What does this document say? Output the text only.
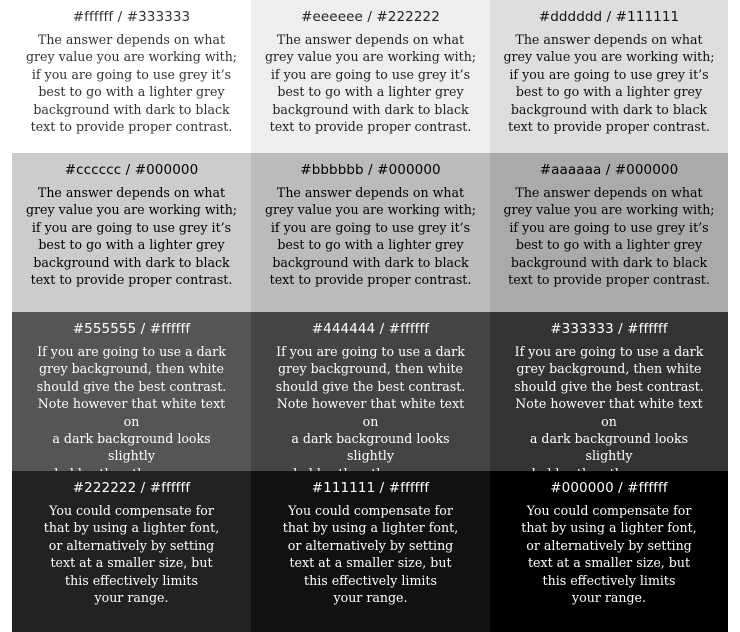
#ffffff / #333333
The answer depends on what
grey value you are working with;
if you are going to use grey it’s
best to go with a lighter grey
background with dark to black
text to provide proper contrast.
#eeeeee / #222222
The answer depends on what
grey value you are working with;
if you are going to use grey it’s
best to go with a lighter grey
background with dark to black
text to provide proper contrast.
#dddddd / #111111
The answer depends on what
grey value you are working with;
if you are going to use grey it’s
best to go with a lighter grey
background with dark to black
text to provide proper contrast.
#cccccc / #000000
The answer depends on what
grey value you are working with;
if you are going to use grey it’s
best to go with a lighter grey
background with dark to black
text to provide proper contrast.
#bbbbbb / #000000
The answer depends on what
grey value you are working with;
if you are going to use grey it’s
best to go with a lighter grey
background with dark to black
text to provide proper contrast.
#aaaaaa / #000000
The answer depends on what
grey value you are working with;
if you are going to use grey it’s
best to go with a lighter grey
background with dark to black
text to provide proper contrast.
#555555 / #ffffff
If you are going to use a dark
grey background, then white
should give the best contrast.
Note however that white text on
a dark background looks slightly
#444444 / #ffffff
If you are going to use a dark
grey background, then white
should give the best contrast.
Note however that white text on
a dark background looks slightly
#333333 / #ffffff
If you are going to use a dark
grey background, then white
should give the best contrast.
Note however that white text on
a dark background looks slightly
#222222 / #ffffff
You could compensate for
that by using a lighter font,
or alternatively by setting
text at a smaller size, but
this effectively limits
your range.
#111111 / #ffffff
You could compensate for
that by using a lighter font,
or alternatively by setting
text at a smaller size, but
this effectively limits
your range.
#000000 / #ffffff
You could compensate for
that by using a lighter font,
or alternatively by setting
text at a smaller size, but
this effectively limits
your range.
